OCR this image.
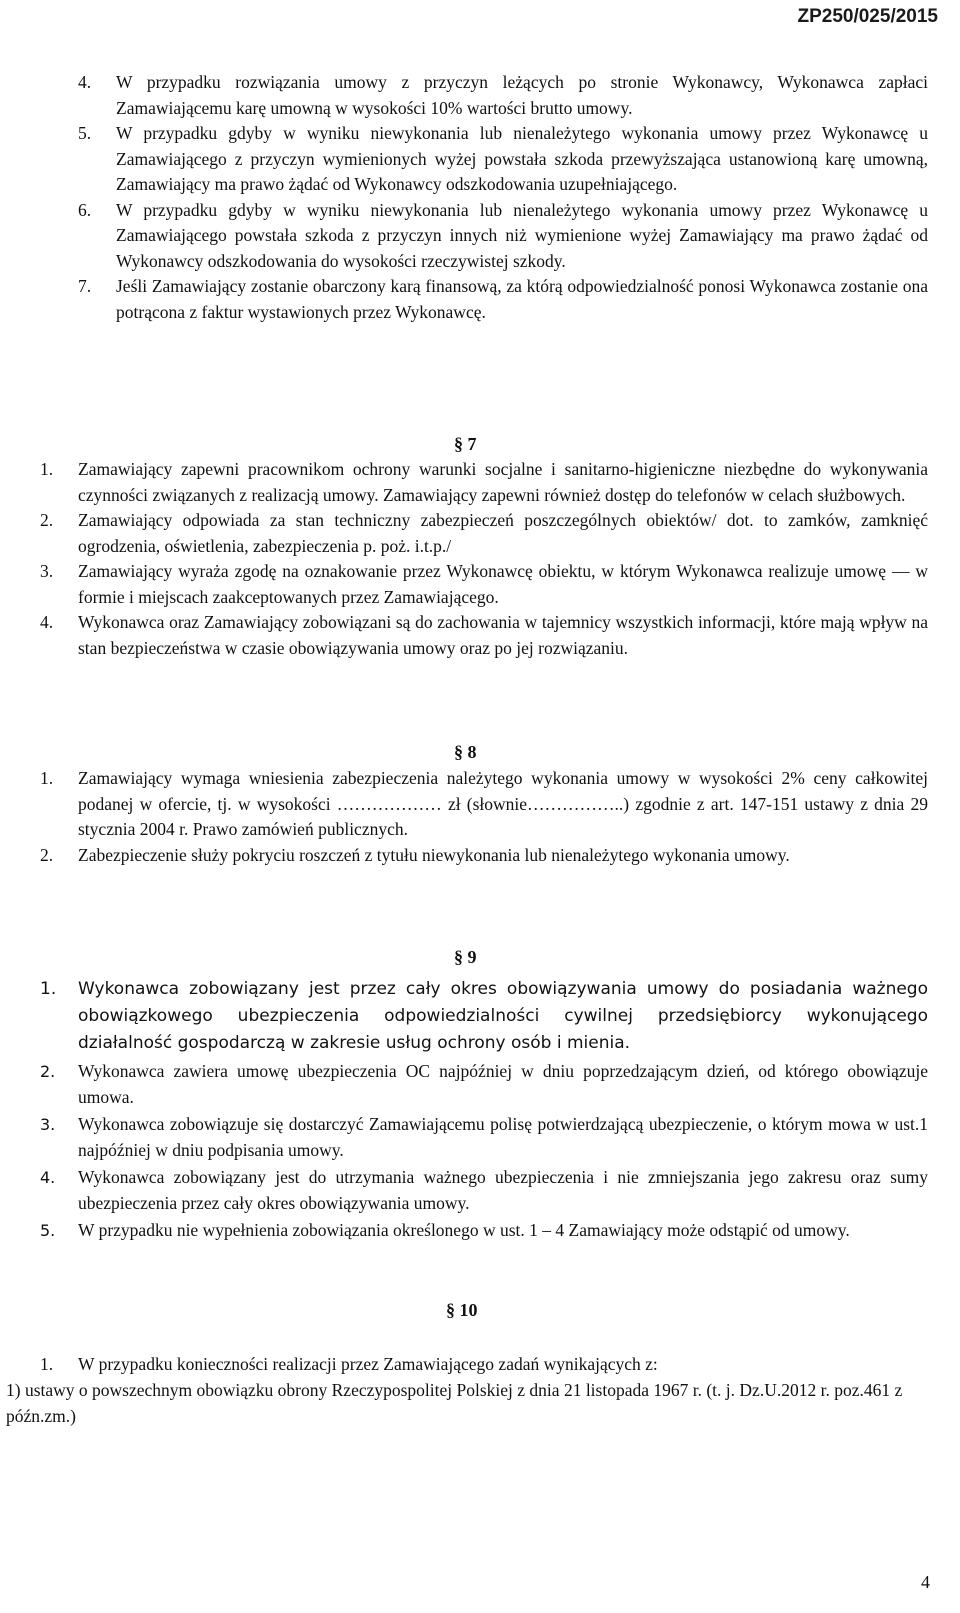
ZP250/025/2015
4. W przypadku rozwiązania umowy z przyczyn leżących po stronie Wykonawcy, Wykonawca zapłaci Zamawiającemu karę umowną w wysokości 10% wartości brutto umowy.
5. W przypadku gdyby w wyniku niewykonania lub nienależytego wykonania umowy przez Wykonawcę u Zamawiającego z przyczyn wymienionych wyżej powstała szkoda przewyższająca ustanowioną karę umowną, Zamawiający ma prawo żądać od Wykonawcy odszkodowania uzupełniającego.
6. W przypadku gdyby w wyniku niewykonania lub nienależytego wykonania umowy przez Wykonawcę u Zamawiającego powstała szkoda z przyczyn innych niż wymienione wyżej Zamawiający ma prawo żądać od Wykonawcy odszkodowania do wysokości rzeczywistej szkody.
7. Jeśli Zamawiający zostanie obarczony karą finansową, za którą odpowiedzialność ponosi Wykonawca zostanie ona potrącona z faktur wystawionych przez Wykonawcę.
§ 7
1. Zamawiający zapewni pracownikom ochrony warunki socjalne i sanitarno-higieniczne niezbędne do wykonywania czynności związanych z realizacją umowy. Zamawiający zapewni również dostęp do telefonów w celach służbowych.
2. Zamawiający odpowiada za stan techniczny zabezpieczeń poszczególnych obiektów/ dot. to zamków, zamknięć ogrodzenia, oświetlenia, zabezpieczenia p. poż. i.t.p./
3. Zamawiający wyraża zgodę na oznakowanie przez Wykonawcę obiektu, w którym Wykonawca realizuje umowę — w formie i miejscach zaakceptowanych przez Zamawiającego.
4. Wykonawca oraz Zamawiający zobowiązani są do zachowania w tajemnicy wszystkich informacji, które mają wpływ na stan bezpieczeństwa w czasie obowiązywania umowy oraz po jej rozwiązaniu.
§ 8
1. Zamawiający wymaga wniesienia zabezpieczenia należytego wykonania umowy w wysokości 2% ceny całkowitej podanej w ofercie, tj. w wysokości ……………… zł (słownie……………..) zgodnie z art. 147-151 ustawy z dnia 29 stycznia 2004 r. Prawo zamówień publicznych.
2. Zabezpieczenie służy pokryciu roszczeń z tytułu niewykonania lub nienależytego wykonania umowy.
§ 9
1. Wykonawca zobowiązany jest przez cały okres obowiązywania umowy do posiadania ważnego obowiązkowego ubezpieczenia odpowiedzialności cywilnej przedsiębiorcy wykonującego działalność gospodarczą w zakresie usług ochrony osób i mienia.
2. Wykonawca zawiera umowę ubezpieczenia OC najpóźniej w dniu poprzedzającym dzień, od którego obowiązuje umowa.
3. Wykonawca zobowiązuje się dostarczyć Zamawiającemu polisę potwierdzającą ubezpieczenie, o którym mowa w ust.1 najpóźniej w dniu podpisania umowy.
4. Wykonawca zobowiązany jest do utrzymania ważnego ubezpieczenia i nie zmniejszania jego zakresu oraz sumy ubezpieczenia przez cały okres obowiązywania umowy.
5. W przypadku nie wypełnienia zobowiązania określonego w ust. 1 – 4 Zamawiający może odstąpić od umowy.
§ 10
1. W przypadku konieczności realizacji przez Zamawiającego zadań wynikających z:
1) ustawy o powszechnym obowiązku obrony Rzeczypospolitej Polskiej z dnia 21 listopada 1967 r. (t. j. Dz.U.2012 r. poz.461 z późn.zm.)
4
